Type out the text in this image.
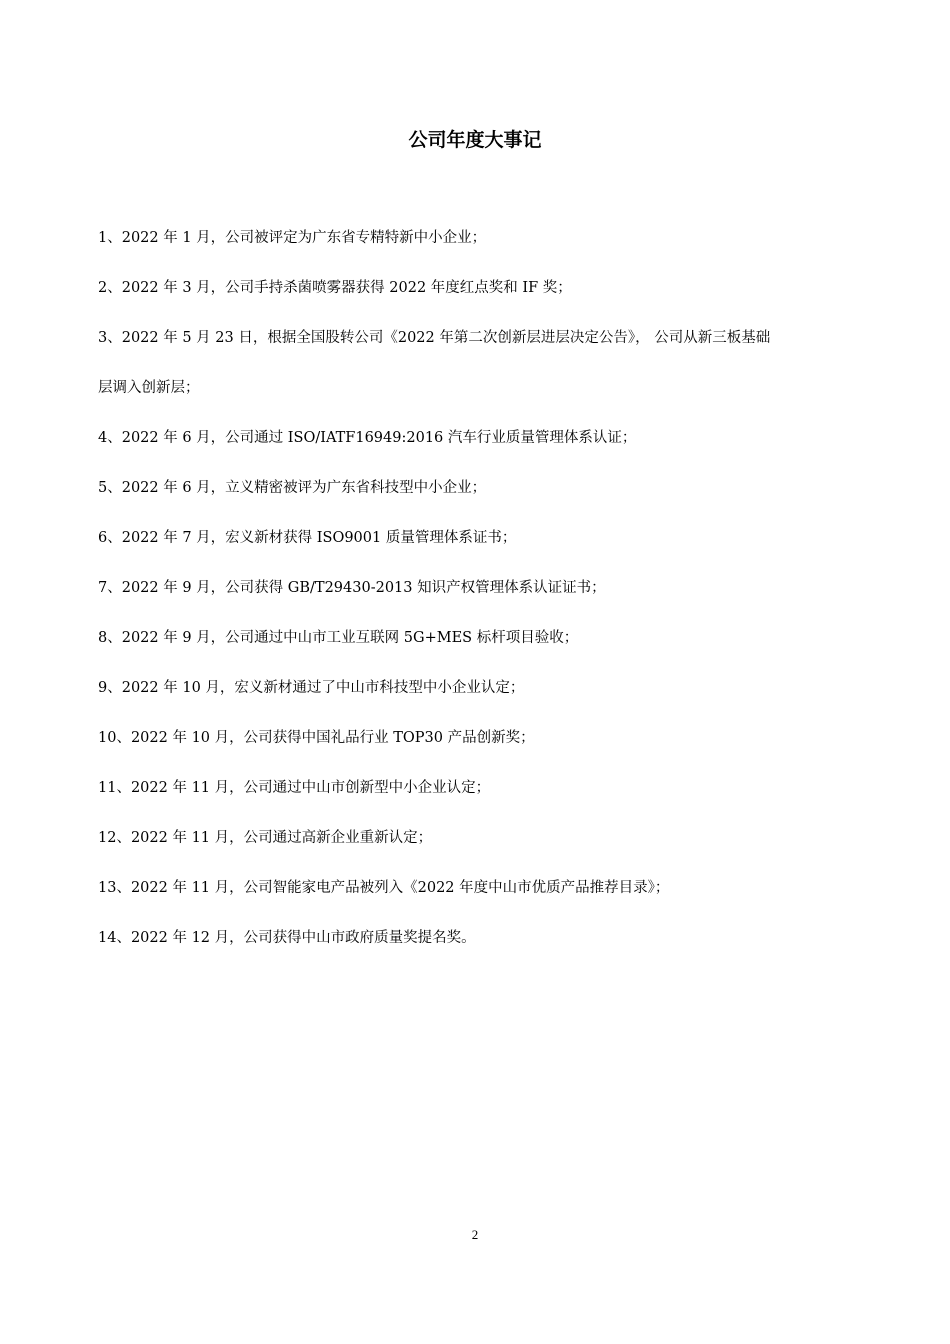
公司年度大事记
1、2022 年 1 月，公司被评定为广东省专精特新中小企业；
2、2022 年 3 月，公司手持杀菌喷雾器获得 2022 年度红点奖和 IF 奖；
3、2022 年 5 月 23 日，根据全国股转公司《2022 年第二次创新层进层决定公告》， 公司从新三板基础
层调入创新层；
4、2022 年 6 月，公司通过 ISO/IATF16949:2016 汽车行业质量管理体系认证；
5、2022 年 6 月，立义精密被评为广东省科技型中小企业；
6、2022 年 7 月，宏义新材获得 ISO9001 质量管理体系证书；
7、2022 年 9 月，公司获得 GB/T29430-2013 知识产权管理体系认证证书；
8、2022 年 9 月，公司通过中山市工业互联网 5G+MES 标杆项目验收；
9、2022 年 10 月，宏义新材通过了中山市科技型中小企业认定；
10、2022 年 10 月，公司获得中国礼品行业 TOP30 产品创新奖；
11、2022 年 11 月，公司通过中山市创新型中小企业认定；
12、2022 年 11 月，公司通过高新企业重新认定；
13、2022 年 11 月，公司智能家电产品被列入《2022 年度中山市优质产品推荐目录》；
14、2022 年 12 月，公司获得中山市政府质量奖提名奖。
2
